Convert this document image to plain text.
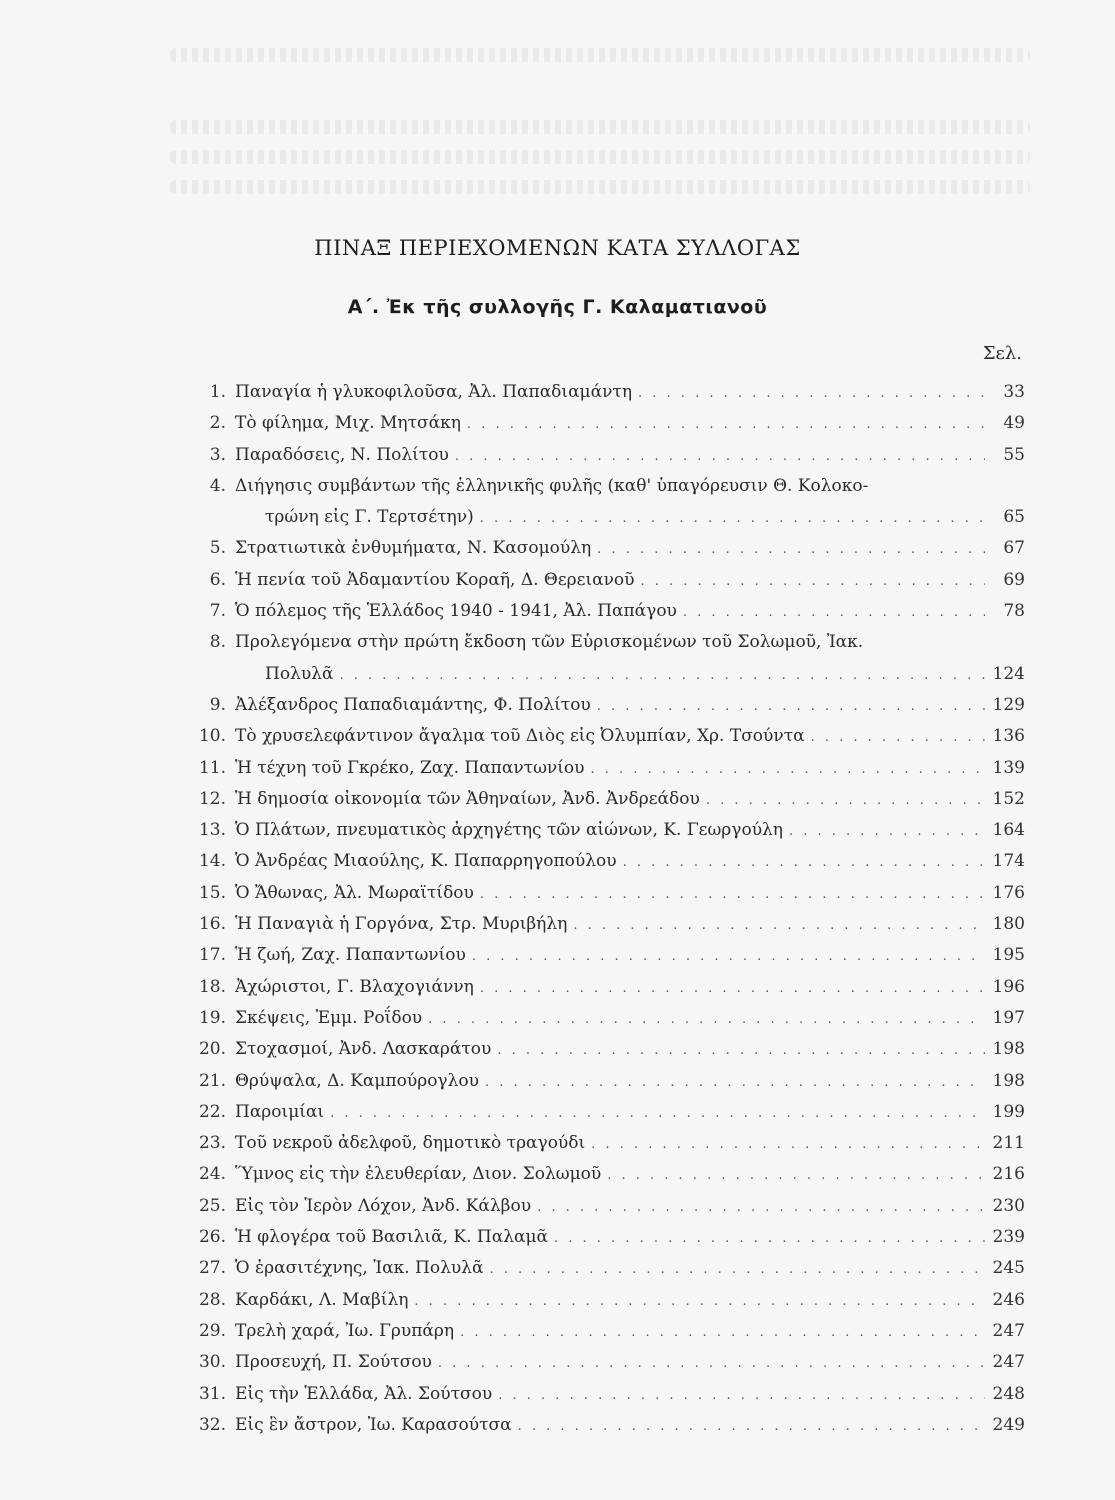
ΠΙΝΑΞ ΠΕΡΙΕΧΟΜΕΝΩΝ ΚΑΤΑ ΣΥΛΛΟΓΑΣ
Α΄. Ἐκ τῆς συλλογῆς Γ. Καλαματιανοῦ
Σελ.
1. Παναγία ἡ γλυκοφιλοῦσα, Ἀλ. Παπαδιαμάντη . . .	33
2. Τὸ φίλημα, Μιχ. Μητσάκη . . .	49
3. Παραδόσεις, Ν. Πολίτου . . .	55
4. Διήγησις συμβάντων τῆς ἑλληνικῆς φυλῆς (καθ' ὑπαγόρευσιν Θ. Κολοκο-
τρώνη εἰς Γ. Τερτσέτην) . . .	65
5. Στρατιωτικὰ ἐνθυμήματα, Ν. Κασομούλη . . .	67
6. Ἡ πενία τοῦ Ἀδαμαντίου Κοραῆ, Δ. Θερειανοῦ . . .	69
7. Ὁ πόλεμος τῆς Ἑλλάδος 1940 - 1941, Ἀλ. Παπάγου . . .	78
8. Προλεγόμενα στὴν πρώτη ἔκδοση τῶν Εὑρισκομένων τοῦ Σολωμοῦ, Ἰακ.
Πολυλᾶ . . .	124
9. Ἀλέξανδρος Παπαδιαμάντης, Φ. Πολίτου . . .	129
10. Τὸ χρυσελεφάντινον ἄγαλμα τοῦ Διὸς εἰς Ὀλυμπίαν, Χρ. Τσούντα . . .	136
11. Ἡ τέχνη τοῦ Γκρέκο, Ζαχ. Παπαντωνίου . . .	139
12. Ἡ δημοσία οἰκονομία τῶν Ἀθηναίων, Ἀνδ. Ἀνδρεάδου . . .	152
13. Ὁ Πλάτων, πνευματικὸς ἀρχηγέτης τῶν αἰώνων, Κ. Γεωργούλη . . .	164
14. Ὁ Ἀνδρέας Μιαούλης, Κ. Παπαρρηγοπούλου . . .	174
15. Ὁ Ἄθωνας, Ἀλ. Μωραϊτίδου . . .	176
16. Ἡ Παναγιὰ ἡ Γοργόνα, Στρ. Μυριβήλη . . .	180
17. Ἡ ζωή, Ζαχ. Παπαντωνίου . . .	195
18. Ἀχώριστοι, Γ. Βλαχογιάννη . . .	196
19. Σκέψεις, Ἐμμ. Ροΐδου . . .	197
20. Στοχασμοί, Ἀνδ. Λασκαράτου . . .	198
21. Θρύψαλα, Δ. Καμπούρογλου . . .	198
22. Παροιμίαι . . .	199
23. Τοῦ νεκροῦ ἀδελφοῦ, δημοτικὸ τραγούδι . . .	211
24. Ὕμνος εἰς τὴν ἐλευθερίαν, Διον. Σολωμοῦ . . .	216
25. Εἰς τὸν Ἱερὸν Λόχον, Ἀνδ. Κάλβου . . .	230
26. Ἡ φλογέρα τοῦ Βασιλιᾶ, Κ. Παλαμᾶ . . .	239
27. Ὁ ἐρασιτέχνης, Ἰακ. Πολυλᾶ . . .	245
28. Καρδάκι, Λ. Μαβίλη . . .	246
29. Τρελὴ χαρά, Ἰω. Γρυπάρη . . .	247
30. Προσευχή, Π. Σούτσου . . .	247
31. Εἰς τὴν Ἑλλάδα, Ἀλ. Σούτσου . . .	248
32. Εἰς ἓν ἄστρον, Ἰω. Καρασούτσα . . .	249
